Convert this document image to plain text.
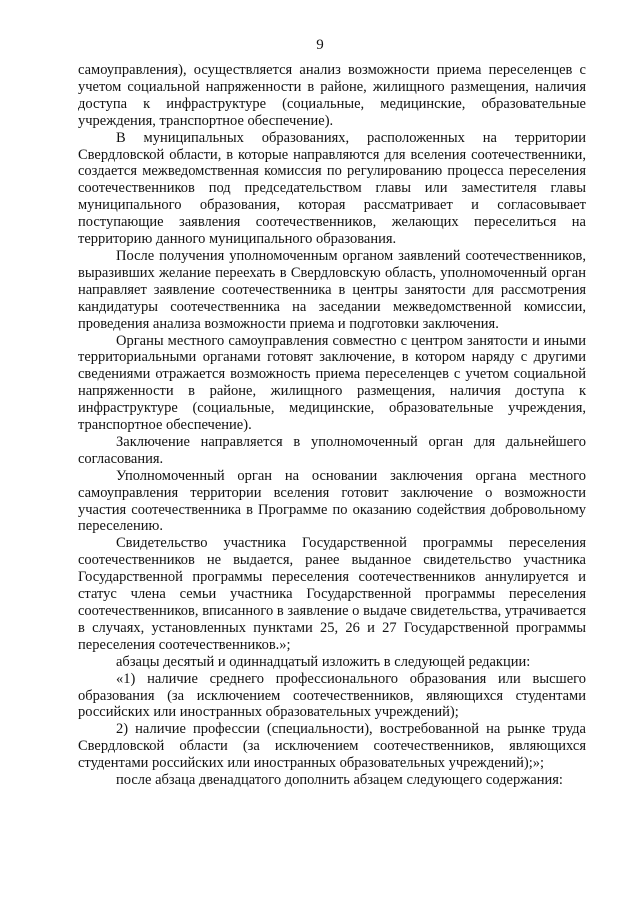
9

самоуправления), осуществляется анализ возможности приема переселенцев с учетом социальной напряженности в районе, жилищного размещения, наличия доступа к инфраструктуре (социальные, медицинские, образовательные учреждения, транспортное обеспечение).

В муниципальных образованиях, расположенных на территории Свердловской области, в которые направляются для вселения соотечественники, создается межведомственная комиссия по регулированию процесса переселения соотечественников под председательством главы или заместителя главы муниципального образования, которая рассматривает и согласовывает поступающие заявления соотечественников, желающих переселиться на территорию данного муниципального образования.

После получения уполномоченным органом заявлений соотечественников, выразивших желание переехать в Свердловскую область, уполномоченный орган направляет заявление соотечественника в центры занятости для рассмотрения кандидатуры соотечественника на заседании межведомственной комиссии, проведения анализа возможности приема и подготовки заключения.

Органы местного самоуправления совместно с центром занятости и иными территориальными органами готовят заключение, в котором наряду с другими сведениями отражается возможность приема переселенцев с учетом социальной напряженности в районе, жилищного размещения, наличия доступа к инфраструктуре (социальные, медицинские, образовательные учреждения, транспортное обеспечение).

Заключение направляется в уполномоченный орган для дальнейшего согласования.

Уполномоченный орган на основании заключения органа местного самоуправления территории вселения готовит заключение о возможности участия соотечественника в Программе по оказанию содействия добровольному переселению.

Свидетельство участника Государственной программы переселения соотечественников не выдается, ранее выданное свидетельство участника Государственной программы переселения соотечественников аннулируется и статус члена семьи участника Государственной программы переселения соотечественников, вписанного в заявление о выдаче свидетельства, утрачивается в случаях, установленных пунктами 25, 26 и 27 Государственной программы переселения соотечественников.»;

абзацы десятый и одиннадцатый изложить в следующей редакции:

«1) наличие среднего профессионального образования или высшего образования (за исключением соотечественников, являющихся студентами российских или иностранных образовательных учреждений);

2) наличие профессии (специальности), востребованной на рынке труда Свердловской области (за исключением соотечественников, являющихся студентами российских или иностранных образовательных учреждений);»;

после абзаца двенадцатого дополнить абзацем следующего содержания:
